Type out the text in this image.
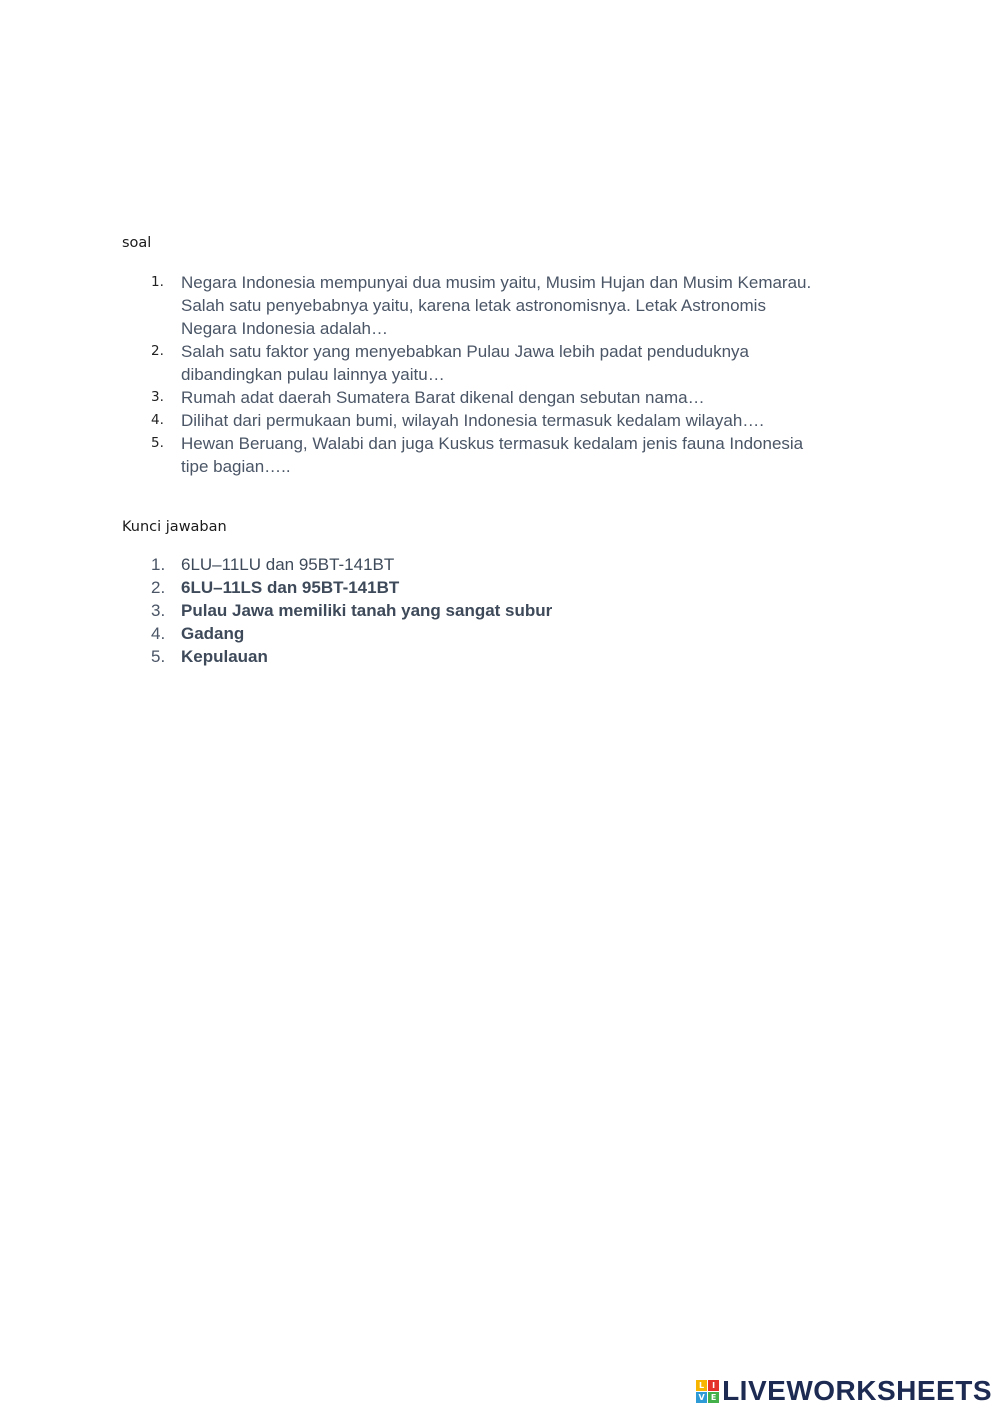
soal

1. Negara Indonesia mempunyai dua musim yaitu, Musim Hujan dan Musim Kemarau.
Salah satu penyebabnya yaitu, karena letak astronomisnya. Letak Astronomis
Negara Indonesia adalah…
2. Salah satu faktor yang menyebabkan Pulau Jawa lebih padat penduduknya
dibandingkan pulau lainnya yaitu…
3. Rumah adat daerah Sumatera Barat dikenal dengan sebutan nama…
4. Dilihat dari permukaan bumi, wilayah Indonesia termasuk kedalam wilayah….
5. Hewan Beruang, Walabi dan juga Kuskus termasuk kedalam jenis fauna Indonesia
tipe bagian…..

Kunci jawaban

1. 6LU–11LU dan 95BT-141BT
2. 6LU–11LS dan 95BT-141BT
3. Pulau Jawa memiliki tanah yang sangat subur
4. Gadang
5. Kepulauan
L I
V E LIVEWORKSHEETS
